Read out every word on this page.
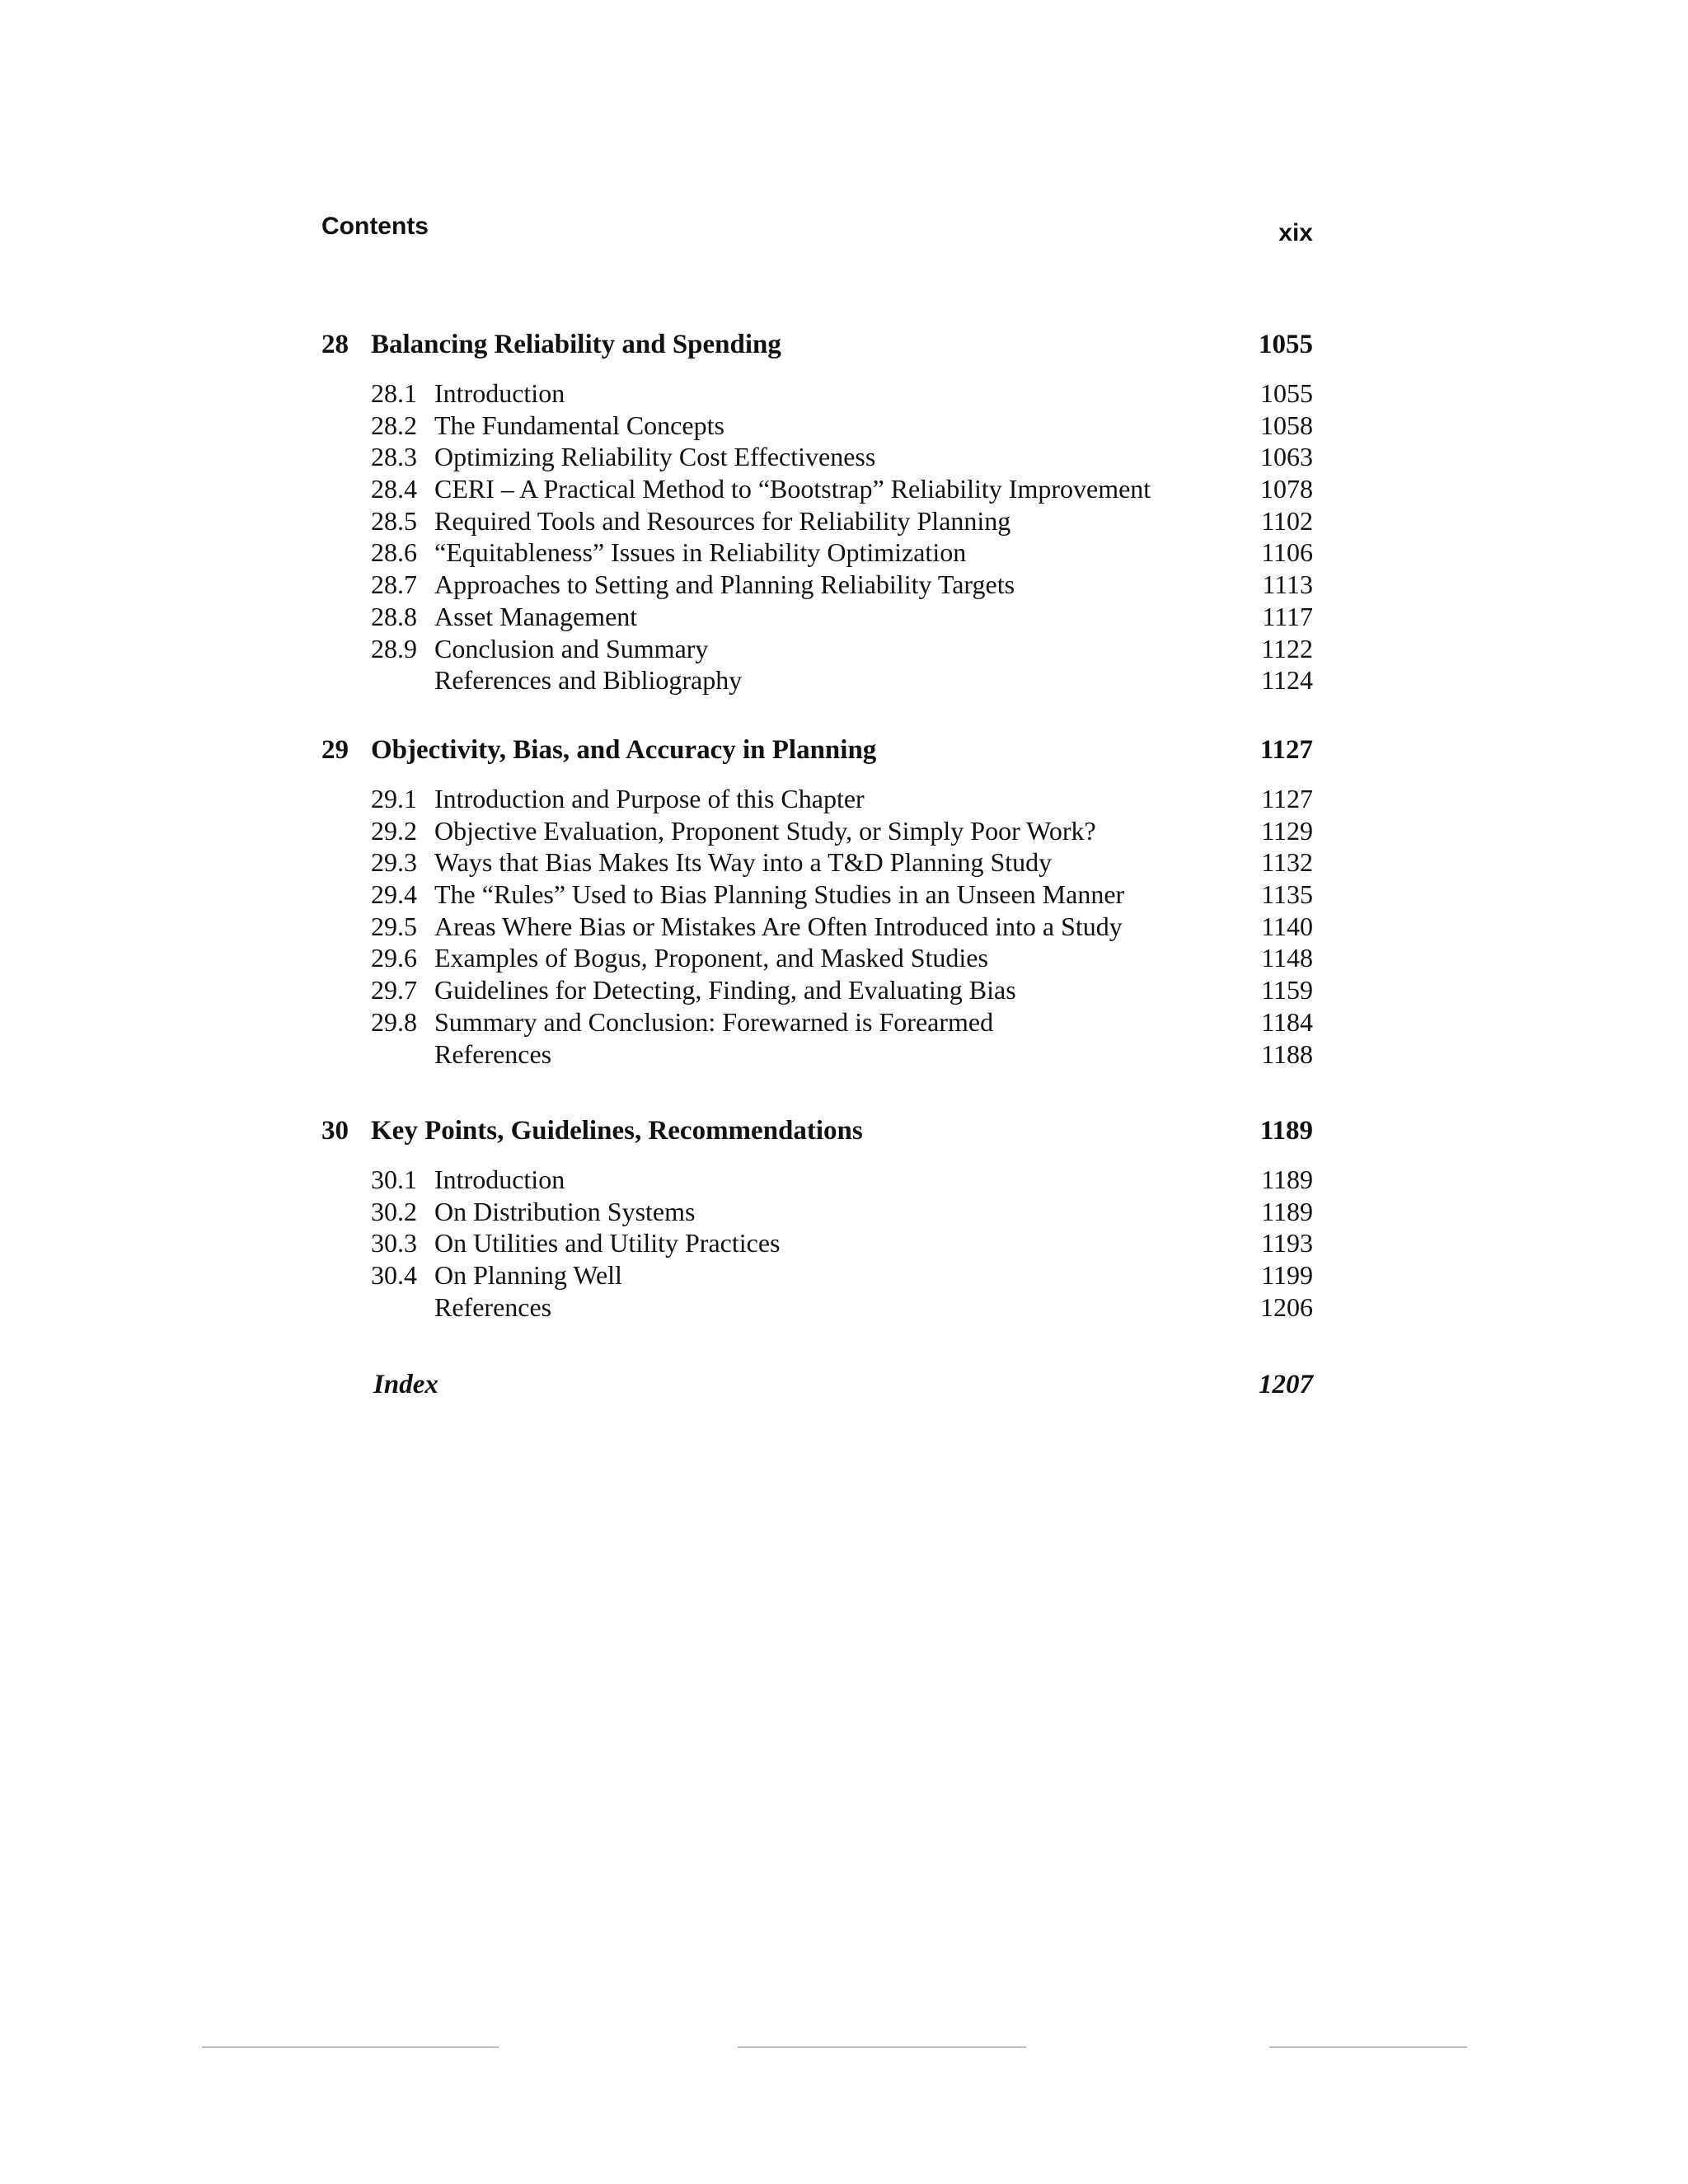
Contents	xix
28 Balancing Reliability and Spending	1055
28.1 Introduction	1055
28.2 The Fundamental Concepts	1058
28.3 Optimizing Reliability Cost Effectiveness	1063
28.4 CERI – A Practical Method to “Bootstrap” Reliability Improvement	1078
28.5 Required Tools and Resources for Reliability Planning	1102
28.6 “Equitableness” Issues in Reliability Optimization	1106
28.7 Approaches to Setting and Planning Reliability Targets	1113
28.8 Asset Management	1117
28.9 Conclusion and Summary	1122
References and Bibliography	1124
29 Objectivity, Bias, and Accuracy in Planning	1127
29.1 Introduction and Purpose of this Chapter	1127
29.2 Objective Evaluation, Proponent Study, or Simply Poor Work?	1129
29.3 Ways that Bias Makes Its Way into a T&D Planning Study	1132
29.4 The “Rules” Used to Bias Planning Studies in an Unseen Manner	1135
29.5 Areas Where Bias or Mistakes Are Often Introduced into a Study	1140
29.6 Examples of Bogus, Proponent, and Masked Studies	1148
29.7 Guidelines for Detecting, Finding, and Evaluating Bias	1159
29.8 Summary and Conclusion: Forewarned is Forearmed	1184
References	1188
30 Key Points, Guidelines, Recommendations	1189
30.1 Introduction	1189
30.2 On Distribution Systems	1189
30.3 On Utilities and Utility Practices	1193
30.4 On Planning Well	1199
References	1206
Index	1207
